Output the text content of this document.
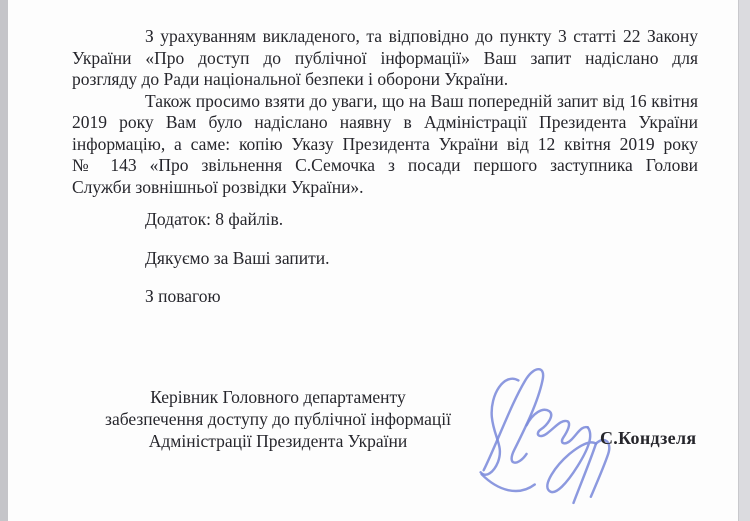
З урахуванням викладеного, та відповідно до пункту 3 статті 22 Закону
України «Про доступ до публічної інформації» Ваш запит надіслано для
розгляду до Ради національної безпеки і оборони України.
Також просимо взяти до уваги, що на Ваш попередній запит від 16 квітня
2019 року Вам було надіслано наявну в Адміністрації Президента України
інформацію, а саме: копію Указу Президента України від 12 квітня 2019 року
№ 143 «Про звільнення С.Семочка з посади першого заступника Голови
Служби зовнішньої розвідки України».
Додаток: 8 файлів.
Дякуємо за Ваші запити.
З повагою
Керівник Головного департаменту
забезпечення доступу до публічної інформації
Адміністрації Президента України	С.Кондзеля
